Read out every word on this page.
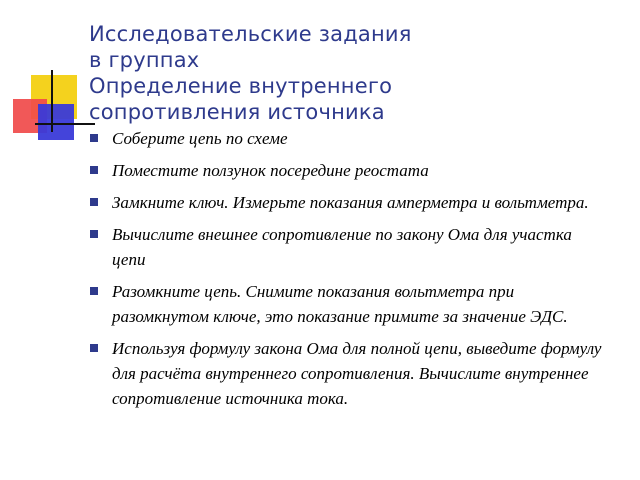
Исследовательские задания
в группах
Определение внутреннего
сопротивления источника
Соберите цепь по схеме
Поместите ползунок посередине реостата
Замкните ключ. Измерьте показания амперметра и вольтметра.
Вычислите внешнее сопротивление по закону Ома для участка цепи
Разомкните цепь. Снимите показания вольтметра при разомкнутом ключе, это показание примите за значение ЭДС.
Используя формулу закона Ома для полной цепи, выведите формулу для расчёта внутреннего сопротивления. Вычислите внутреннее сопротивление источника тока.
